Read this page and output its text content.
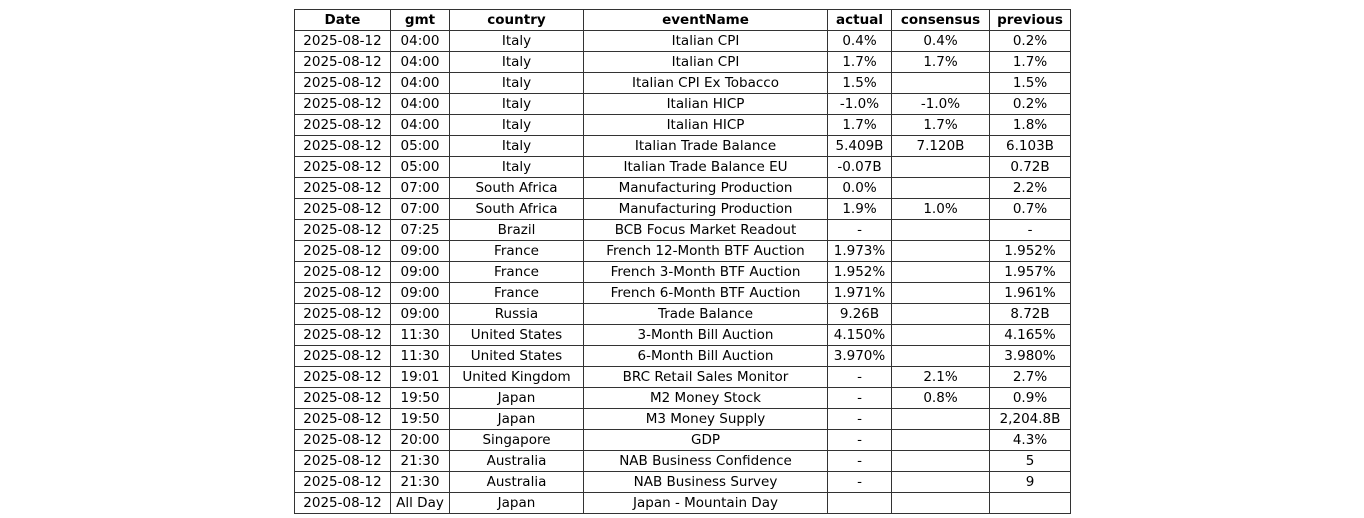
Date	gmt	country	eventName	actual	consensus	previous
2025-08-12	04:00	Italy	Italian CPI	0.4%	0.4%	0.2%
2025-08-12	04:00	Italy	Italian CPI	1.7%	1.7%	1.7%
2025-08-12	04:00	Italy	Italian CPI Ex Tobacco	1.5%		1.5%
2025-08-12	04:00	Italy	Italian HICP	-1.0%	-1.0%	0.2%
2025-08-12	04:00	Italy	Italian HICP	1.7%	1.7%	1.8%
2025-08-12	05:00	Italy	Italian Trade Balance	5.409B	7.120B	6.103B
2025-08-12	05:00	Italy	Italian Trade Balance EU	-0.07B		0.72B
2025-08-12	07:00	South Africa	Manufacturing Production	0.0%		2.2%
2025-08-12	07:00	South Africa	Manufacturing Production	1.9%	1.0%	0.7%
2025-08-12	07:25	Brazil	BCB Focus Market Readout	-		-
2025-08-12	09:00	France	French 12-Month BTF Auction	1.973%		1.952%
2025-08-12	09:00	France	French 3-Month BTF Auction	1.952%		1.957%
2025-08-12	09:00	France	French 6-Month BTF Auction	1.971%		1.961%
2025-08-12	09:00	Russia	Trade Balance	9.26B		8.72B
2025-08-12	11:30	United States	3-Month Bill Auction	4.150%		4.165%
2025-08-12	11:30	United States	6-Month Bill Auction	3.970%		3.980%
2025-08-12	19:01	United Kingdom	BRC Retail Sales Monitor	-	2.1%	2.7%
2025-08-12	19:50	Japan	M2 Money Stock	-	0.8%	0.9%
2025-08-12	19:50	Japan	M3 Money Supply	-		2,204.8B
2025-08-12	20:00	Singapore	GDP	-		4.3%
2025-08-12	21:30	Australia	NAB Business Confidence	-		5
2025-08-12	21:30	Australia	NAB Business Survey	-		9
2025-08-12	All Day	Japan	Japan - Mountain Day			
